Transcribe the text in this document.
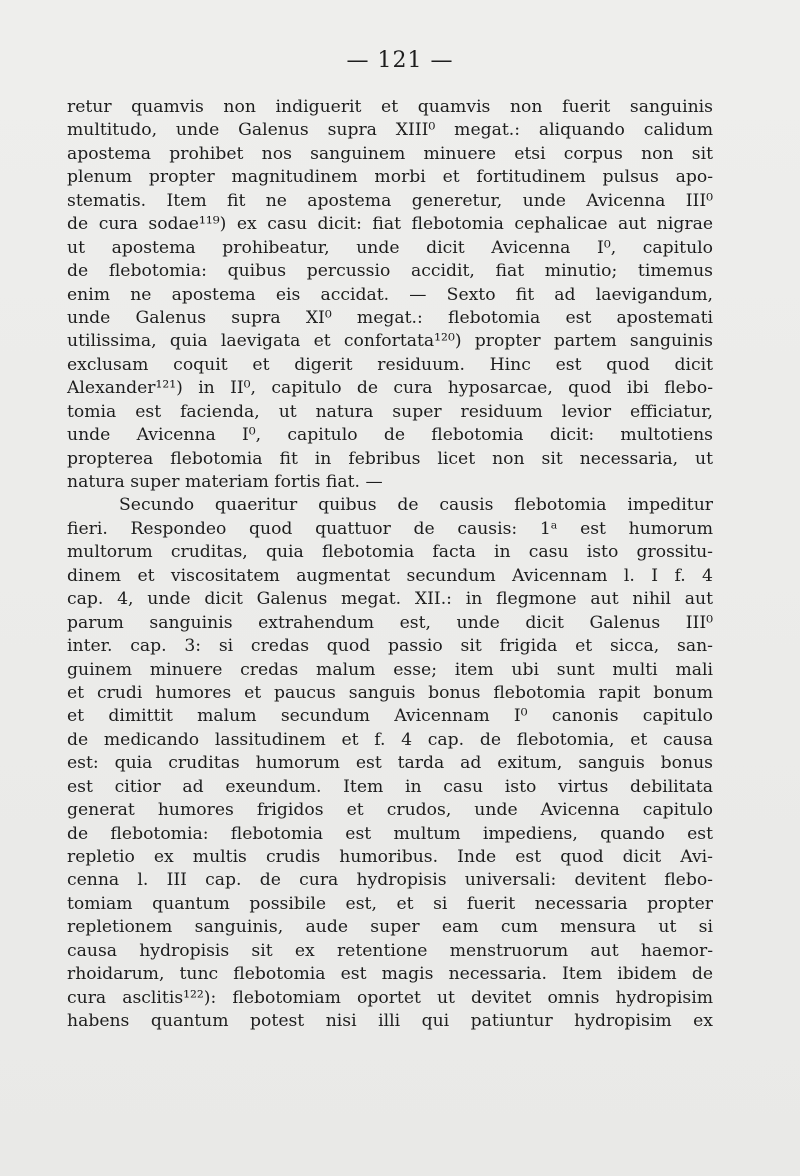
— 121 —
retur quamvis non indiguerit et quamvis non fuerit sanguinis
multitudo, unde Galenus supra XIII⁰ megat.: aliquando calidum
apostema prohibet nos sanguinem minuere etsi corpus non sit
plenum propter magnitudinem morbi et fortitudinem pulsus apo-
stematis. Item fit ne apostema generetur, unde Avicenna III⁰
de cura sodae¹¹⁹) ex casu dicit: fiat flebotomia cephalicae aut nigrae
ut apostema prohibeatur, unde dicit Avicenna I⁰, capitulo
de flebotomia: quibus percussio accidit, fiat minutio; timemus
enim ne apostema eis accidat. — Sexto fit ad laevigandum,
unde Galenus supra XI⁰ megat.: flebotomia est apostemati
utilissima, quia laevigata et confortata¹²⁰) propter partem sanguinis
exclusam coquit et digerit residuum. Hinc est quod dicit
Alexander¹²¹) in II⁰, capitulo de cura hyposarcae, quod ibi flebo-
tomia est facienda, ut natura super residuum levior efficiatur,
unde Avicenna I⁰, capitulo de flebotomia dicit: multotiens
propterea flebotomia fit in febribus licet non sit necessaria, ut
natura super materiam fortis fiat. —
Secundo quaeritur quibus de causis flebotomia impeditur
fieri. Respondeo quod quattuor de causis: 1ᵃ est humorum
multorum cruditas, quia flebotomia facta in casu isto grossitu-
dinem et viscositatem augmentat secundum Avicennam l. I f. 4
cap. 4, unde dicit Galenus megat. XII.: in flegmone aut nihil aut
parum sanguinis extrahendum est, unde dicit Galenus III⁰
inter. cap. 3: si credas quod passio sit frigida et sicca, san-
guinem minuere credas malum esse; item ubi sunt multi mali
et crudi humores et paucus sanguis bonus flebotomia rapit bonum
et dimittit malum secundum Avicennam I⁰ canonis capitulo
de medicando lassitudinem et f. 4 cap. de flebotomia, et causa
est: quia cruditas humorum est tarda ad exitum, sanguis bonus
est citior ad exeundum. Item in casu isto virtus debilitata
generat humores frigidos et crudos, unde Avicenna capitulo
de flebotomia: flebotomia est multum impediens, quando est
repletio ex multis crudis humoribus. Inde est quod dicit Avi-
cenna l. III cap. de cura hydropisis universali: devitent flebo-
tomiam quantum possibile est, et si fuerit necessaria propter
repletionem sanguinis, aude super eam cum mensura ut si
causa hydropisis sit ex retentione menstruorum aut haemor-
rhoidarum, tunc flebotomia est magis necessaria. Item ibidem de
cura asclitis¹²²): flebotomiam oportet ut devitet omnis hydropisim
habens quantum potest nisi illi qui patiuntur hydropisim ex
